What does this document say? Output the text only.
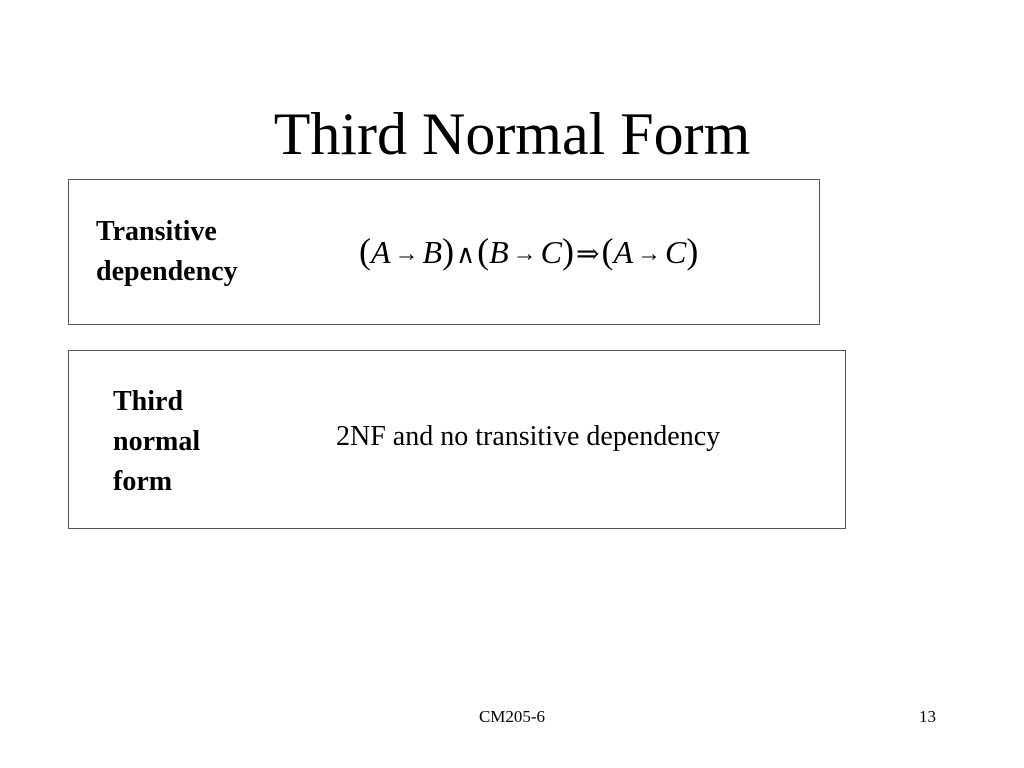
Third Normal Form
Transitive
dependency
(A → B)∧(B → C)⇒(A → C)
Third
normal
form
2NF and no transitive dependency
CM205-6	13
